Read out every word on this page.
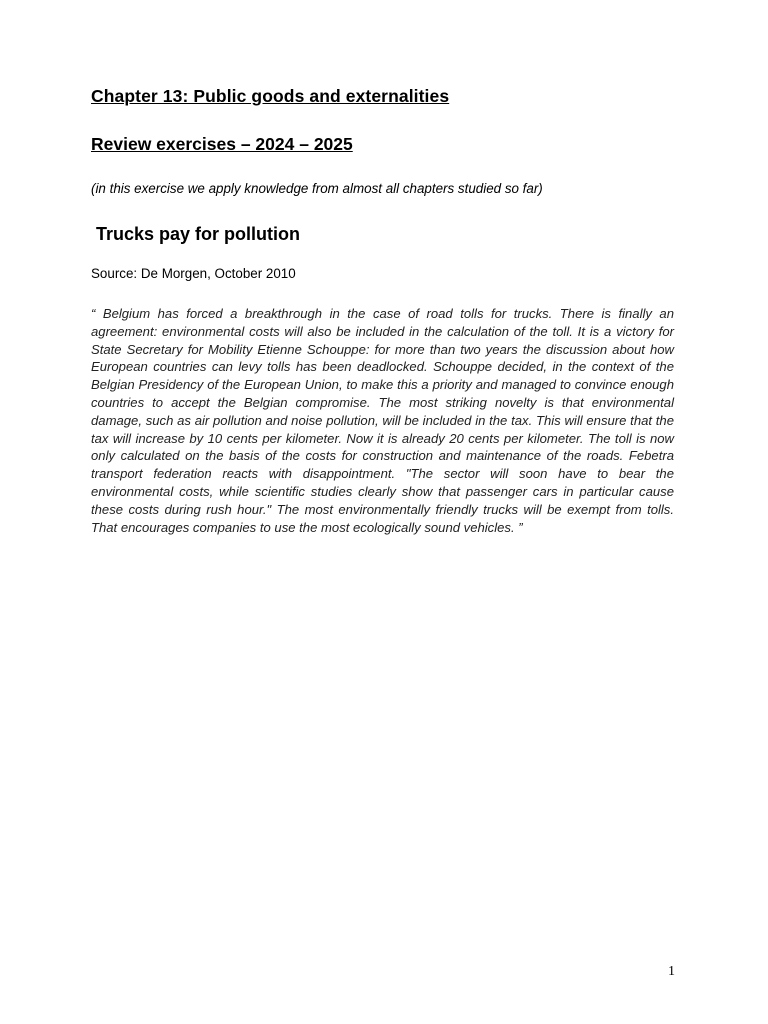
Chapter 13: Public goods and externalities
Review exercises – 2024 – 2025
(in this exercise we apply knowledge from almost all chapters studied so far)
Trucks pay for pollution
Source: De Morgen, October 2010

“ Belgium has forced a breakthrough in the case of road tolls for trucks. There is finally an agreement: environmental costs will also be included in the calculation of the toll. It is a victory for State Secretary for Mobility Etienne Schouppe: for more than two years the discussion about how European countries can levy tolls has been deadlocked. Schouppe decided, in the context of the Belgian Presidency of the European Union, to make this a priority and managed to convince enough countries to accept the Belgian compromise. The most striking novelty is that environmental damage, such as air pollution and noise pollution, will be included in the tax. This will ensure that the tax will increase by 10 cents per kilometer. Now it is already 20 cents per kilometer. The toll is now only calculated on the basis of the costs for construction and maintenance of the roads. Febetra transport federation reacts with disappointment. "The sector will soon have to bear the environmental costs, while scientific studies clearly show that passenger cars in particular cause these costs during rush hour." The most environmentally friendly trucks will be exempt from tolls. That encourages companies to use the most ecologically sound vehicles. ”

1
